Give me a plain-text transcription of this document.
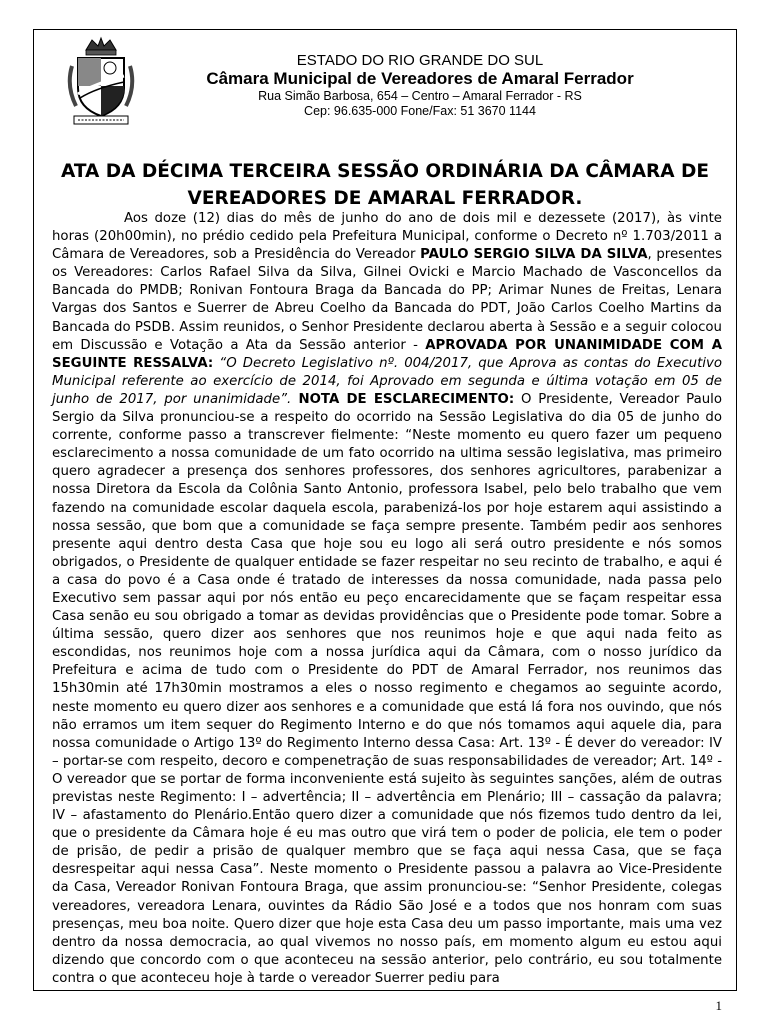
ESTADO DO RIO GRANDE DO SUL
Câmara Municipal de Vereadores de Amaral Ferrador
Rua Simão Barbosa, 654 – Centro – Amaral Ferrador - RS
Cep: 96.635-000 Fone/Fax: 51 3670 1144
ATA DA DÉCIMA TERCEIRA SESSÃO ORDINÁRIA DA CÂMARA DE VEREADORES DE AMARAL FERRADOR.

Aos doze (12) dias do mês de junho do ano de dois mil e dezessete (2017), às vinte horas (20h00min), no prédio cedido pela Prefeitura Municipal, conforme o Decreto nº 1.703/2011 a Câmara de Vereadores, sob a Presidência do Vereador PAULO SERGIO SILVA DA SILVA, presentes os Vereadores: Carlos Rafael Silva da Silva, Gilnei Ovicki e Marcio Machado de Vasconcellos da Bancada do PMDB; Ronivan Fontoura Braga da Bancada do PP; Arimar Nunes de Freitas, Lenara Vargas dos Santos e Suerrer de Abreu Coelho da Bancada do PDT, João Carlos Coelho Martins da Bancada do PSDB. Assim reunidos, o Senhor Presidente declarou aberta à Sessão e a seguir colocou em Discussão e Votação a Ata da Sessão anterior - APROVADA POR UNANIMIDADE COM A SEGUINTE RESSALVA: “O Decreto Legislativo nº. 004/2017, que Aprova as contas do Executivo Municipal referente ao exercício de 2014, foi Aprovado em segunda e última votação em 05 de junho de 2017, por unanimidade”. NOTA DE ESCLARECIMENTO: O Presidente, Vereador Paulo Sergio da Silva pronunciou-se a respeito do ocorrido na Sessão Legislativa do dia 05 de junho do corrente, conforme passo a transcrever fielmente: “Neste momento eu quero fazer um pequeno esclarecimento a nossa comunidade de um fato ocorrido na ultima sessão legislativa, mas primeiro quero agradecer a presença dos senhores professores, dos senhores agricultores, parabenizar a nossa Diretora da Escola da Colônia Santo Antonio, professora Isabel, pelo belo trabalho que vem fazendo na comunidade escolar daquela escola, parabenizá-los por hoje estarem aqui assistindo a nossa sessão, que bom que a comunidade se faça sempre presente. Também pedir aos senhores presente aqui dentro desta Casa que hoje sou eu logo ali será outro presidente e nós somos obrigados, o Presidente de qualquer entidade se fazer respeitar no seu recinto de trabalho, e aqui é a casa do povo é a Casa onde é tratado de interesses da nossa comunidade, nada passa pelo Executivo sem passar aqui por nós então eu peço encarecidamente que se façam respeitar essa Casa senão eu sou obrigado a tomar as devidas providências que o Presidente pode tomar. Sobre a última sessão, quero dizer aos senhores que nos reunimos hoje e que aqui nada feito as escondidas, nos reunimos hoje com a nossa jurídica aqui da Câmara, com o nosso jurídico da Prefeitura e acima de tudo com o Presidente do PDT de Amaral Ferrador, nos reunimos das 15h30min até 17h30min mostramos a eles o nosso regimento e chegamos ao seguinte acordo, neste momento eu quero dizer aos senhores e a comunidade que está lá fora nos ouvindo, que nós não erramos um item sequer do Regimento Interno e do que nós tomamos aqui aquele dia, para nossa comunidade o Artigo 13º do Regimento Interno dessa Casa: Art. 13º - É dever do vereador: IV – portar-se com respeito, decoro e compenetração de suas responsabilidades de vereador; Art. 14º - O vereador que se portar de forma inconveniente está sujeito às seguintes sanções, além de outras previstas neste Regimento: I – advertência; II – advertência em Plenário; III – cassação da palavra; IV – afastamento do Plenário.Então quero dizer a comunidade que nós fizemos tudo dentro da lei, que o presidente da Câmara hoje é eu mas outro que virá tem o poder de policia, ele tem o poder de prisão, de pedir a prisão de qualquer membro que se faça aqui nessa Casa, que se faça desrespeitar aqui nessa Casa”. Neste momento o Presidente passou a palavra ao Vice-Presidente da Casa, Vereador Ronivan Fontoura Braga, que assim pronunciou-se: “Senhor Presidente, colegas vereadores, vereadora Lenara, ouvintes da Rádio São José e a todos que nos honram com suas presenças, meu boa noite. Quero dizer que hoje esta Casa deu um passo importante, mais uma vez dentro da nossa democracia, ao qual vivemos no nosso país, em momento algum eu estou aqui dizendo que concordo com o que aconteceu na sessão anterior, pelo contrário, eu sou totalmente contra o que aconteceu hoje à tarde o vereador Suerrer pediu para

1
